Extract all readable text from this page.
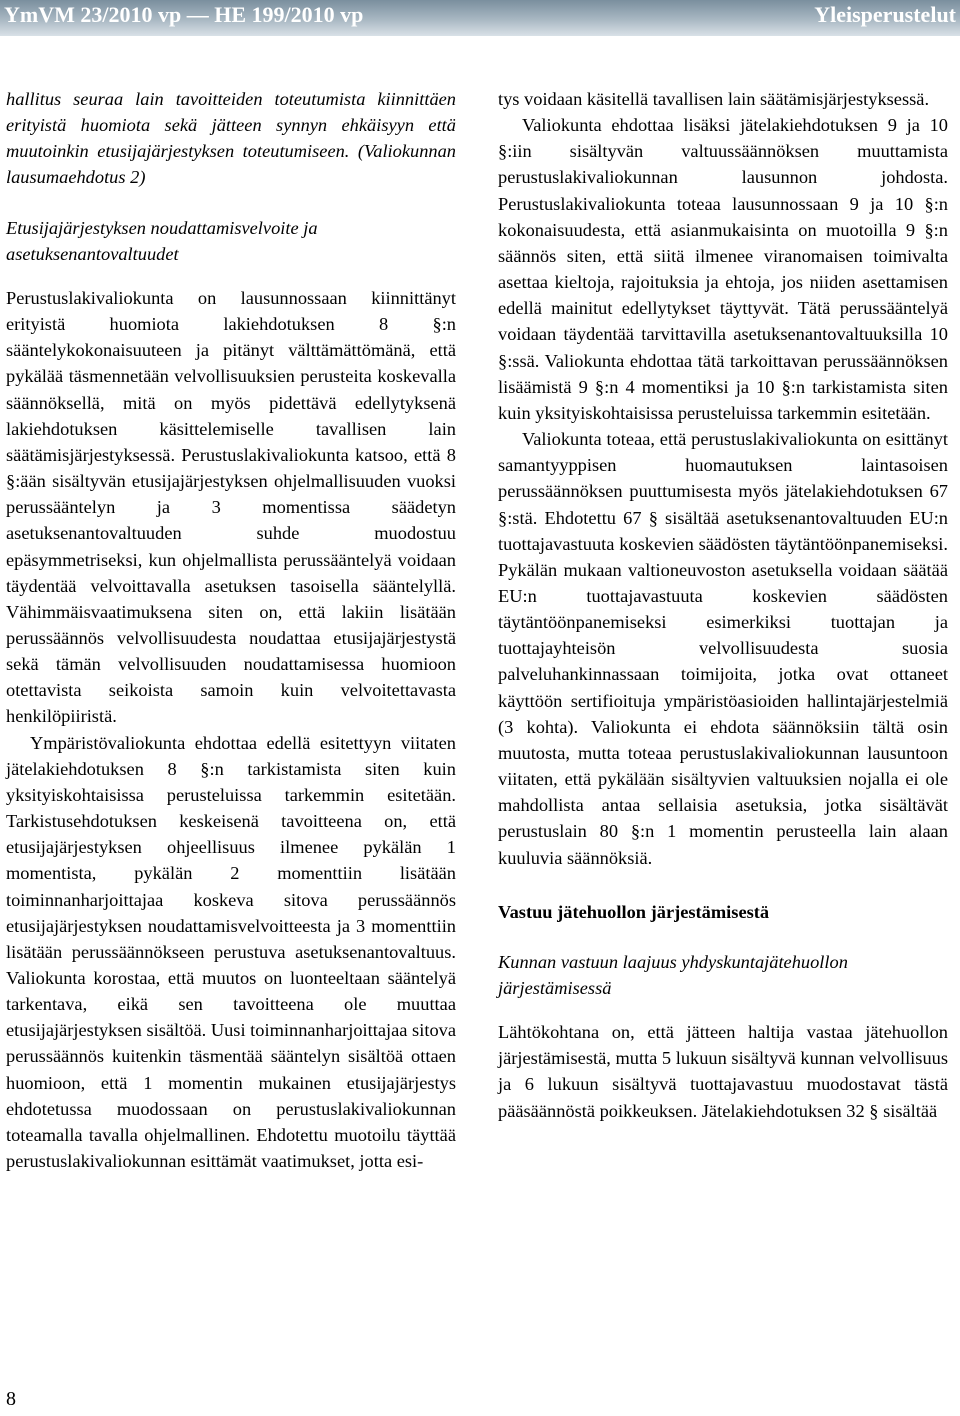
YmVM 23/2010 vp — HE 199/2010 vp	Yleisperustelut

hallitus seuraa lain tavoitteiden toteutumista kiinnittäen erityistä huomiota sekä jätteen synnyn ehkäisyyn että muutoinkin etusijajärjestyksen toteutumiseen. (Valiokunnan lausumaehdotus 2)

Etusijajärjestyksen noudattamisvelvoite ja asetuksenantovaltuudet

Perustuslakivaliokunta on lausunnossaan kiinnittänyt erityistä huomiota lakiehdotuksen 8 §:n sääntelykokonaisuuteen ja pitänyt välttämättömänä, että pykälää täsmennetään velvollisuuksien perusteita koskevalla säännöksellä, mitä on myös pidettävä edellytyksenä lakiehdotuksen käsittelemiselle tavallisen lain säätämisjärjestyksessä. Perustuslakivaliokunta katsoo, että 8 §:ään sisältyvän etusijajärjestyksen ohjelmallisuuden vuoksi perussääntelyn ja 3 momentissa säädetyn asetuksenantovaltuuden suhde muodostuu epäsymmetriseksi, kun ohjelmallista perussääntelyä voidaan täydentää velvoittavalla asetuksen tasoisella sääntelyllä. Vähimmäisvaatimuksena siten on, että lakiin lisätään perussäännös velvollisuudesta noudattaa etusijajärjestystä sekä tämän velvollisuuden noudattamisessa huomioon otettavista seikoista samoin kuin velvoitettavasta henkilöpiiristä.

Ympäristövaliokunta ehdottaa edellä esitettyyn viitaten jätelakiehdotuksen 8 §:n tarkistamista siten kuin yksityiskohtaisissa perusteluissa tarkemmin esitetään. Tarkistusehdotuksen keskeisenä tavoitteena on, että etusijajärjestyksen ohjeellisuus ilmenee pykälän 1 momentista, pykälän 2 momenttiin lisätään toiminnanharjoittajaa koskeva sitova perussäännös etusijajärjestyksen noudattamisvelvoitteesta ja 3 momenttiin lisätään perussäännökseen perustuva asetuksenantovaltuus. Valiokunta korostaa, että muutos on luonteeltaan sääntelyä tarkentava, eikä sen tavoitteena ole muuttaa etusijajärjestyksen sisältöä. Uusi toiminnanharjoittajaa sitova perussäännös kuitenkin täsmentää sääntelyn sisältöä ottaen huomioon, että 1 momentin mukainen etusijajärjestys ehdotetussa muodossaan on perustuslakivaliokunnan toteamalla tavalla ohjelmallinen. Ehdotettu muotoilu täyttää perustuslakivaliokunnan esittämät vaatimukset, jotta esi-

tys voidaan käsitellä tavallisen lain säätämisjärjestyksessä.

Valiokunta ehdottaa lisäksi jätelakiehdotuksen 9 ja 10 §:iin sisältyvän valtuussäännöksen muuttamista perustuslakivaliokunnan lausunnon johdosta. Perustuslakivaliokunta toteaa lausunnossaan 9 ja 10 §:n kokonaisuudesta, että asianmukaisinta on muotoilla 9 §:n säännös siten, että siitä ilmenee viranomaisen toimivalta asettaa kieltoja, rajoituksia ja ehtoja, jos niiden asettamisen edellä mainitut edellytykset täyttyvät. Tätä perussääntelyä voidaan täydentää tarvittavilla asetuksenantovaltuuksilla 10 §:ssä. Valiokunta ehdottaa tätä tarkoittavan perussäännöksen lisäämistä 9 §:n 4 momentiksi ja 10 §:n tarkistamista siten kuin yksityiskohtaisissa perusteluissa tarkemmin esitetään.

Valiokunta toteaa, että perustuslakivaliokunta on esittänyt samantyyppisen huomautuksen laintasoisen perussäännöksen puuttumisesta myös jätelakiehdotuksen 67 §:stä. Ehdotettu 67 § sisältää asetuksenantovaltuuden EU:n tuottajavastuuta koskevien säädösten täytäntöönpanemiseksi. Pykälän mukaan valtioneuvoston asetuksella voidaan säätää EU:n tuottajavastuuta koskevien säädösten täytäntöönpanemiseksi esimerkiksi tuottajan ja tuottajayhteisön velvollisuudesta suosia palveluhankinnassaan toimijoita, jotka ovat ottaneet käyttöön sertifioituja ympäristöasioiden hallintajärjestelmiä (3 kohta). Valiokunta ei ehdota säännöksiin tältä osin muutosta, mutta toteaa perustuslakivaliokunnan lausuntoon viitaten, että pykälään sisältyvien valtuuksien nojalla ei ole mahdollista antaa sellaisia asetuksia, jotka sisältävät perustuslain 80 §:n 1 momentin perusteella lain alaan kuuluvia säännöksiä.

Vastuu jätehuollon järjestämisestä

Kunnan vastuun laajuus yhdyskuntajätehuollon järjestämisessä

Lähtökohtana on, että jätteen haltija vastaa jätehuollon järjestämisestä, mutta 5 lukuun sisältyvä kunnan velvollisuus ja 6 lukuun sisältyvä tuottajavastuu muodostavat tästä pääsäännöstä poikkeuksen. Jätelakiehdotuksen 32 § sisältää

8
